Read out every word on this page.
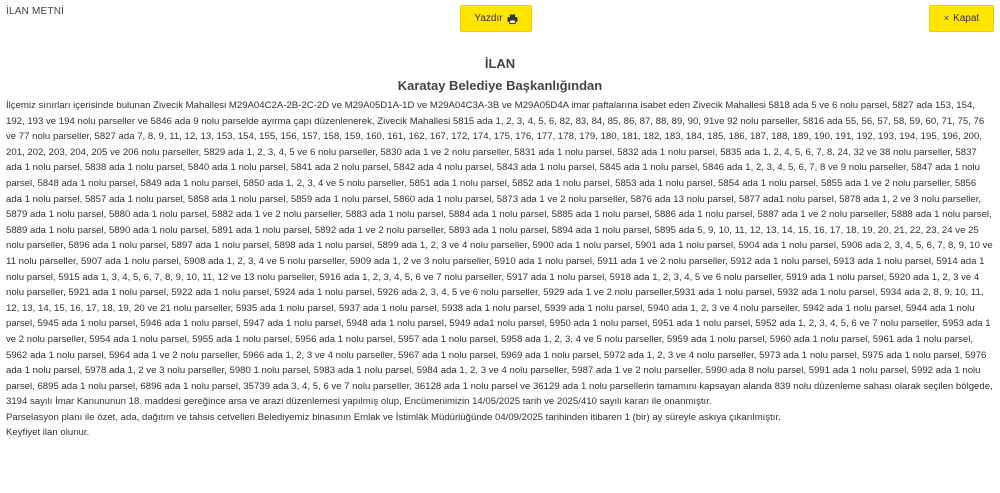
İLAN METNİ
Yazdır	× Kapat
İLAN
Karatay Belediye Başkanlığından

İlçemiz sınırları içerisinde bulunan Zivecik Mahallesi M29A04C2A-2B-2C-2D ve M29A05D1A-1D ve M29A04C3A-3B ve M29A05D4A imar paftalarına isabet eden Zivecik Mahallesi 5818 ada 5 ve 6 nolu parsel, 5827 ada 153, 154, 192, 193 ve 194 nolu parseller ve 5846 ada 9 nolu parselde ayırma çapı düzenlenerek, Zivecik Mahallesi 5815 ada 1, 2, 3, 4, 5, 6, 82, 83, 84, 85, 86, 87, 88, 89, 90, 91ve 92 nolu parseller, 5816 ada 55, 56, 57, 58, 59, 60, 71, 75, 76 ve 77 nolu parseller, 5827 ada 7, 8, 9, 11, 12, 13, 153, 154, 155, 156, 157, 158, 159, 160, 161, 162, 167, 172, 174, 175, 176, 177, 178, 179, 180, 181, 182, 183, 184, 185, 186, 187, 188, 189, 190, 191, 192, 193, 194, 195, 196, 200, 201, 202, 203, 204, 205 ve 206 nolu parseller, 5829 ada 1, 2, 3, 4, 5 ve 6 nolu parseller, 5830 ada 1 ve 2 nolu parseller, 5831 ada 1 nolu parsel, 5832 ada 1 nolu parsel, 5835 ada 1, 2, 4, 5, 6, 7, 8, 24, 32 ve 38 nolu parseller, 5837 ada 1 nolu parsel, 5838 ada 1 nolu parsel, 5840 ada 1 nolu parsel, 5841 ada 2 nolu parsel, 5842 ada 4 nolu parsel, 5843 ada 1 nolu parsel, 5845 ada 1 nolu parsel, 5846 ada 1, 2, 3, 4, 5, 6, 7, 8 ve 9 nolu parseller, 5847 ada 1 nolu parsel, 5848 ada 1 nolu parsel, 5849 ada 1 nolu parsel, 5850 ada 1, 2, 3, 4 ve 5 nolu parseller, 5851 ada 1 nolu parsel, 5852 ada 1 nolu parsel, 5853 ada 1 nolu parsel, 5854 ada 1 nolu parsel, 5855 ada 1 ve 2 nolu parseller, 5856 ada 1 nolu parsel, 5857 ada 1 nolu parsel, 5858 ada 1 nolu parsel, 5859 ada 1 nolu parsel, 5860 ada 1 nolu parsel, 5873 ada 1 ve 2 nolu parseller, 5876 ada 13 nolu parsel, 5877 ada1 nolu parsel, 5878 ada 1, 2 ve 3 nolu parseller, 5879 ada 1 nolu parsel, 5880 ada 1 nolu parsel, 5882 ada 1 ve 2 nolu parseller, 5883 ada 1 nolu parsel, 5884 ada 1 nolu parsel, 5885 ada 1 nolu parsel, 5886 ada 1 nolu parsel, 5887 ada 1 ve 2 nolu parseller, 5888 ada 1 nolu parsel, 5889 ada 1 nolu parsel, 5890 ada 1 nolu parsel, 5891 ada 1 nolu parsel, 5892 ada 1 ve 2 nolu parseller, 5893 ada 1 nolu parsel, 5894 ada 1 nolu parsel, 5895 ada 5, 9, 10, 11, 12, 13, 14, 15, 16, 17, 18, 19, 20, 21, 22, 23, 24 ve 25 nolu parseller, 5896 ada 1 nolu parsel, 5897 ada 1 nolu parsel, 5898 ada 1 nolu parsel, 5899 ada 1, 2, 3 ve 4 nolu parseller, 5900 ada 1 nolu parsel, 5901 ada 1 nolu parsel, 5904 ada 1 nolu parsel, 5906 ada 2, 3, 4, 5, 6, 7, 8, 9, 10 ve 11 nolu parseller, 5907 ada 1 nolu parsel, 5908 ada 1, 2, 3, 4 ve 5 nolu parseller, 5909 ada 1, 2 ve 3 nolu parseller, 5910 ada 1 nolu parsel, 5911 ada 1 ve 2 nolu parseller, 5912 ada 1 nolu parsel, 5913 ada 1 nolu parsel, 5914 ada 1 nolu parsel, 5915 ada 1, 3, 4, 5, 6, 7, 8, 9, 10, 11, 12 ve 13 nolu parseller, 5916 ada 1, 2, 3, 4, 5, 6 ve 7 nolu parseller, 5917 ada 1 nolu parsel, 5918 ada 1, 2, 3, 4, 5 ve 6 nolu parseller, 5919 ada 1 nolu parsel, 5920 ada 1, 2, 3 ve 4 nolu parseller, 5921 ada 1 nolu parsel, 5922 ada 1 nolu parsel, 5924 ada 1 nolu parsel, 5926 ada 2, 3, 4, 5 ve 6 nolu parseller, 5929 ada 1 ve 2 nolu parseller,5931 ada 1 nolu parsel, 5932 ada 1 nolu parsel, 5934 ada 2, 8, 9, 10, 11, 12, 13, 14, 15, 16, 17, 18, 19, 20 ve 21 nolu parseller, 5935 ada 1 nolu parsel, 5937 ada 1 nolu parsel, 5938 ada 1 nolu parsel, 5939 ada 1 nolu parsel, 5940 ada 1, 2, 3 ve 4 nolu parseller, 5942 ada 1 nolu parsel, 5944 ada 1 nolu parsel, 5945 ada 1 nolu parsel, 5946 ada 1 nolu parsel, 5947 ada 1 nolu parsel, 5948 ada 1 nolu parsel, 5949 ada1 nolu parsel, 5950 ada 1 nolu parsel, 5951 ada 1 nolu parsel, 5952 ada 1, 2, 3, 4, 5, 6 ve 7 nolu parseller, 5953 ada 1 ve 2 nolu parseller, 5954 ada 1 nolu parsel, 5955 ada 1 nolu parsel, 5956 ada 1 nolu parsel, 5957 ada 1 nolu parsel, 5958 ada 1, 2, 3, 4 ve 5 nolu parseller, 5959 ada 1 nolu parsel, 5960 ada 1 nolu parsel, 5961 ada 1 nolu parsel, 5962 ada 1 nolu parsel, 5964 ada 1 ve 2 nolu parseller, 5966 ada 1, 2, 3 ve 4 nolu parseller, 5967 ada 1 nolu parsel, 5969 ada 1 nolu parsel, 5972 ada 1, 2, 3 ve 4 nolu parseller, 5973 ada 1 nolu parsel, 5975 ada 1 nolu parsel, 5976 ada 1 nolu parsel, 5978 ada 1, 2 ve 3 nolu parseller, 5980 1 nolu parsel, 5983 ada 1 nolu parsel, 5984 ada 1, 2, 3 ve 4 nolu parseller, 5987 ada 1 ve 2 nolu parseller, 5990 ada 8 nolu parsel, 5991 ada 1 nolu parsel, 5992 ada 1 nolu parsel, 6895 ada 1 nolu parsel, 6896 ada 1 nolu parsel, 35739 ada 3, 4, 5, 6 ve 7 nolu parseller, 36128 ada 1 nolu parsel ve 36129 ada 1 nolu parsellerin tamamını kapsayan alanda 839 nolu düzenleme sahası olarak seçilen bölgede, 3194 sayılı İmar Kanununun 18. maddesi gereğince arsa ve arazi düzenlemesi yapılmış olup, Encümenimizin 14/05/2025 tarih ve 2025/410 sayılı kararı ile onanmıştır.

Parselasyon planı ile özet, ada, dağıtım ve tahsis cetvelleri Belediyemiz binasının Emlak ve İstimlâk Müdürlüğünde 04/09/2025 tarihinden itibaren 1 (bir) ay süreyle askıya çıkarılmıştır.

Keyfiyet ilan olunur.
